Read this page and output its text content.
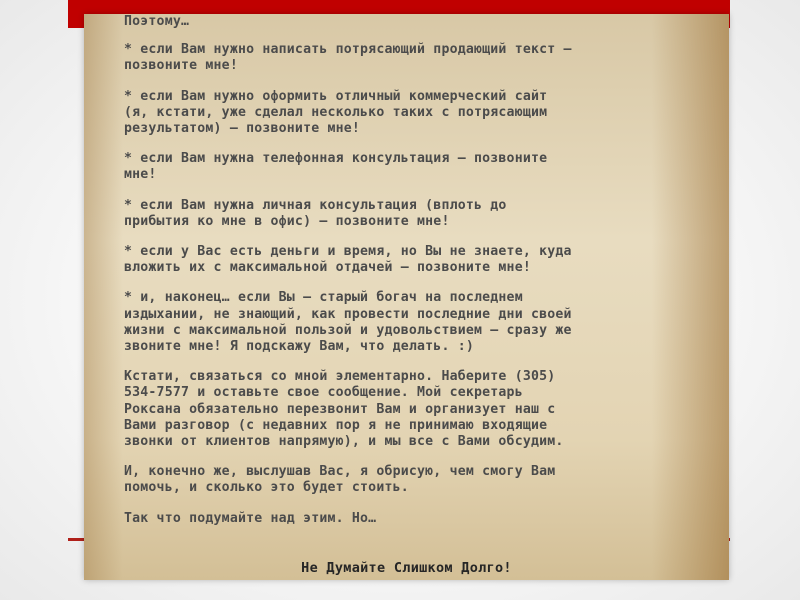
Поэтому…

* если Вам нужно написать потрясающий продающий текст –
позвоните мне!

* если Вам нужно оформить отличный коммерческий сайт
(я, кстати, уже сделал несколько таких с потрясающим
результатом) – позвоните мне!

* если Вам нужна телефонная консультация – позвоните
мне!

* если Вам нужна личная консультация (вплоть до
прибытия ко мне в офис) – позвоните мне!

* если у Вас есть деньги и время, но Вы не знаете, куда
вложить их с максимальной отдачей – позвоните мне!

* и, наконец… если Вы – старый богач на последнем
издыхании, не знающий, как провести последние дни своей
жизни с максимальной пользой и удовольствием – сразу же
звоните мне! Я подскажу Вам, что делать. :)

Кстати, связаться со мной элементарно. Наберите (305)
534-7577 и оставьте свое сообщение. Мой секретарь
Роксана обязательно перезвонит Вам и организует наш с
Вами разговор (с недавних пор я не принимаю входящие
звонки от клиентов напрямую), и мы все с Вами обсудим.

И, конечно же, выслушав Вас, я обрисую, чем смогу Вам
помочь, и сколько это будет стоить.

Так что подумайте над этим. Но…

Не Думайте Слишком Долго!
